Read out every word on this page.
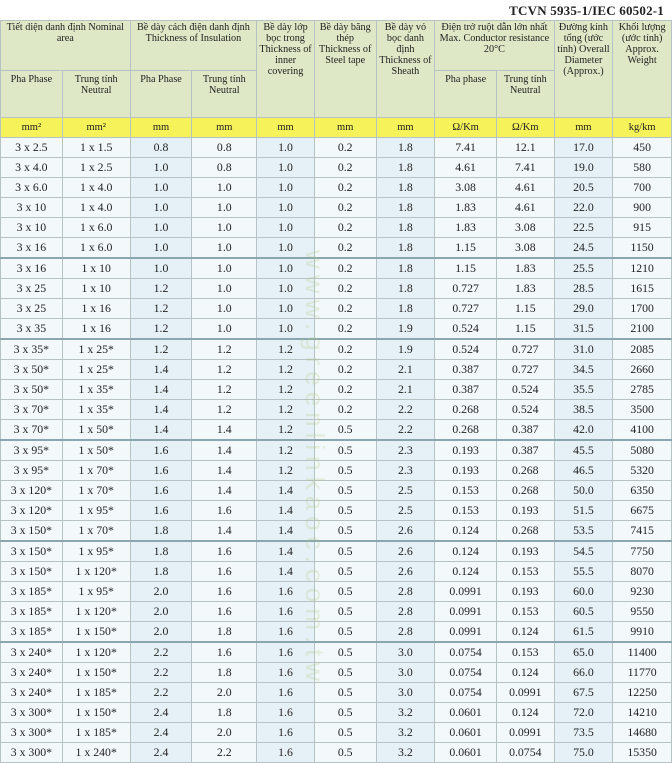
TCVN 5935-1/IEC 60502-1
Tiết diện danh định Nominal area		Bề dày cách điện danh định Thickness of Insulation		Bề dày lớp bọc trong Thickness of inner covering	Bề dày băng thép Thickness of Steel tape	Bề dày vỏ bọc danh định Thickness of Sheath	Điện trở ruột dẫn lớn nhất Max. Conductor resistance 20°C		Đường kính tổng (ước tính) Overall Diameter (Approx.)	Khối lượng (ước tính) Approx. Weight
Pha Phase	Trung tính Neutral	Pha Phase	Trung tính Neutral				Pha phase	Trung tính Neutral		
mm²	mm²	mm	mm	mm	mm	mm	Ω/Km	Ω/Km	mm	kg/km
3 x 2.5	1 x 1.5	0.8	0.8	1.0	0.2	1.8	7.41	12.1	17.0	450
3 x 4.0	1 x 2.5	1.0	0.8	1.0	0.2	1.8	4.61	7.41	19.0	580
3 x 6.0	1 x 4.0	1.0	1.0	1.0	0.2	1.8	3.08	4.61	20.5	700
3 x 10	1 x 4.0	1.0	1.0	1.0	0.2	1.8	1.83	4.61	22.0	900
3 x 10	1 x 6.0	1.0	1.0	1.0	0.2	1.8	1.83	3.08	22.5	915
3 x 16	1 x 6.0	1.0	1.0	1.0	0.2	1.8	1.15	3.08	24.5	1150
3 x 16	1 x 10	1.0	1.0	1.0	0.2	1.8	1.15	1.83	25.5	1210
3 x 25	1 x 10	1.2	1.0	1.0	0.2	1.8	0.727	1.83	28.5	1615
3 x 25	1 x 16	1.2	1.0	1.0	0.2	1.8	0.727	1.15	29.0	1700
3 x 35	1 x 16	1.2	1.0	1.0	0.2	1.9	0.524	1.15	31.5	2100
3 x 35*	1 x 25*	1.2	1.2	1.2	0.2	1.9	0.524	0.727	31.0	2085
3 x 50*	1 x 25*	1.4	1.2	1.2	0.2	2.1	0.387	0.727	34.5	2660
3 x 50*	1 x 35*	1.4	1.2	1.2	0.2	2.1	0.387	0.524	35.5	2785
3 x 70*	1 x 35*	1.4	1.2	1.2	0.2	2.2	0.268	0.524	38.5	3500
3 x 70*	1 x 50*	1.4	1.4	1.2	0.5	2.2	0.268	0.387	42.0	4100
3 x 95*	1 x 50*	1.6	1.4	1.2	0.5	2.3	0.193	0.387	45.5	5080
3 x 95*	1 x 70*	1.6	1.4	1.2	0.5	2.3	0.193	0.268	46.5	5320
3 x 120*	1 x 70*	1.6	1.4	1.4	0.5	2.5	0.153	0.268	50.0	6350
3 x 120*	1 x 95*	1.6	1.6	1.4	0.5	2.5	0.153	0.193	51.5	6675
3 x 150*	1 x 70*	1.8	1.4	1.4	0.5	2.6	0.124	0.268	53.5	7415
3 x 150*	1 x 95*	1.8	1.6	1.4	0.5	2.6	0.124	0.193	54.5	7750
3 x 150*	1 x 120*	1.8	1.6	1.4	0.5	2.6	0.124	0.153	55.5	8070
3 x 185*	1 x 95*	2.0	1.6	1.6	0.5	2.8	0.0991	0.193	60.0	9230
3 x 185*	1 x 120*	2.0	1.6	1.6	0.5	2.8	0.0991	0.153	60.5	9550
3 x 185*	1 x 150*	2.0	1.8	1.6	0.5	2.8	0.0991	0.124	61.5	9910
3 x 240*	1 x 120*	2.2	1.6	1.6	0.5	3.0	0.0754	0.153	65.0	11400
3 x 240*	1 x 150*	2.2	1.8	1.6	0.5	3.0	0.0754	0.124	66.0	11770
3 x 240*	1 x 185*	2.2	2.0	1.6	0.5	3.0	0.0754	0.0991	67.5	12250
3 x 300*	1 x 150*	2.4	1.8	1.6	0.5	3.2	0.0601	0.124	72.0	14210
3 x 300*	1 x 185*	2.4	2.0	1.6	0.5	3.2	0.0601	0.0991	73.5	14680
3 x 300*	1 x 240*	2.4	2.2	1.6	0.5	3.2	0.0601	0.0754	75.0	15350
www.greenlinkaoc.com.tw
